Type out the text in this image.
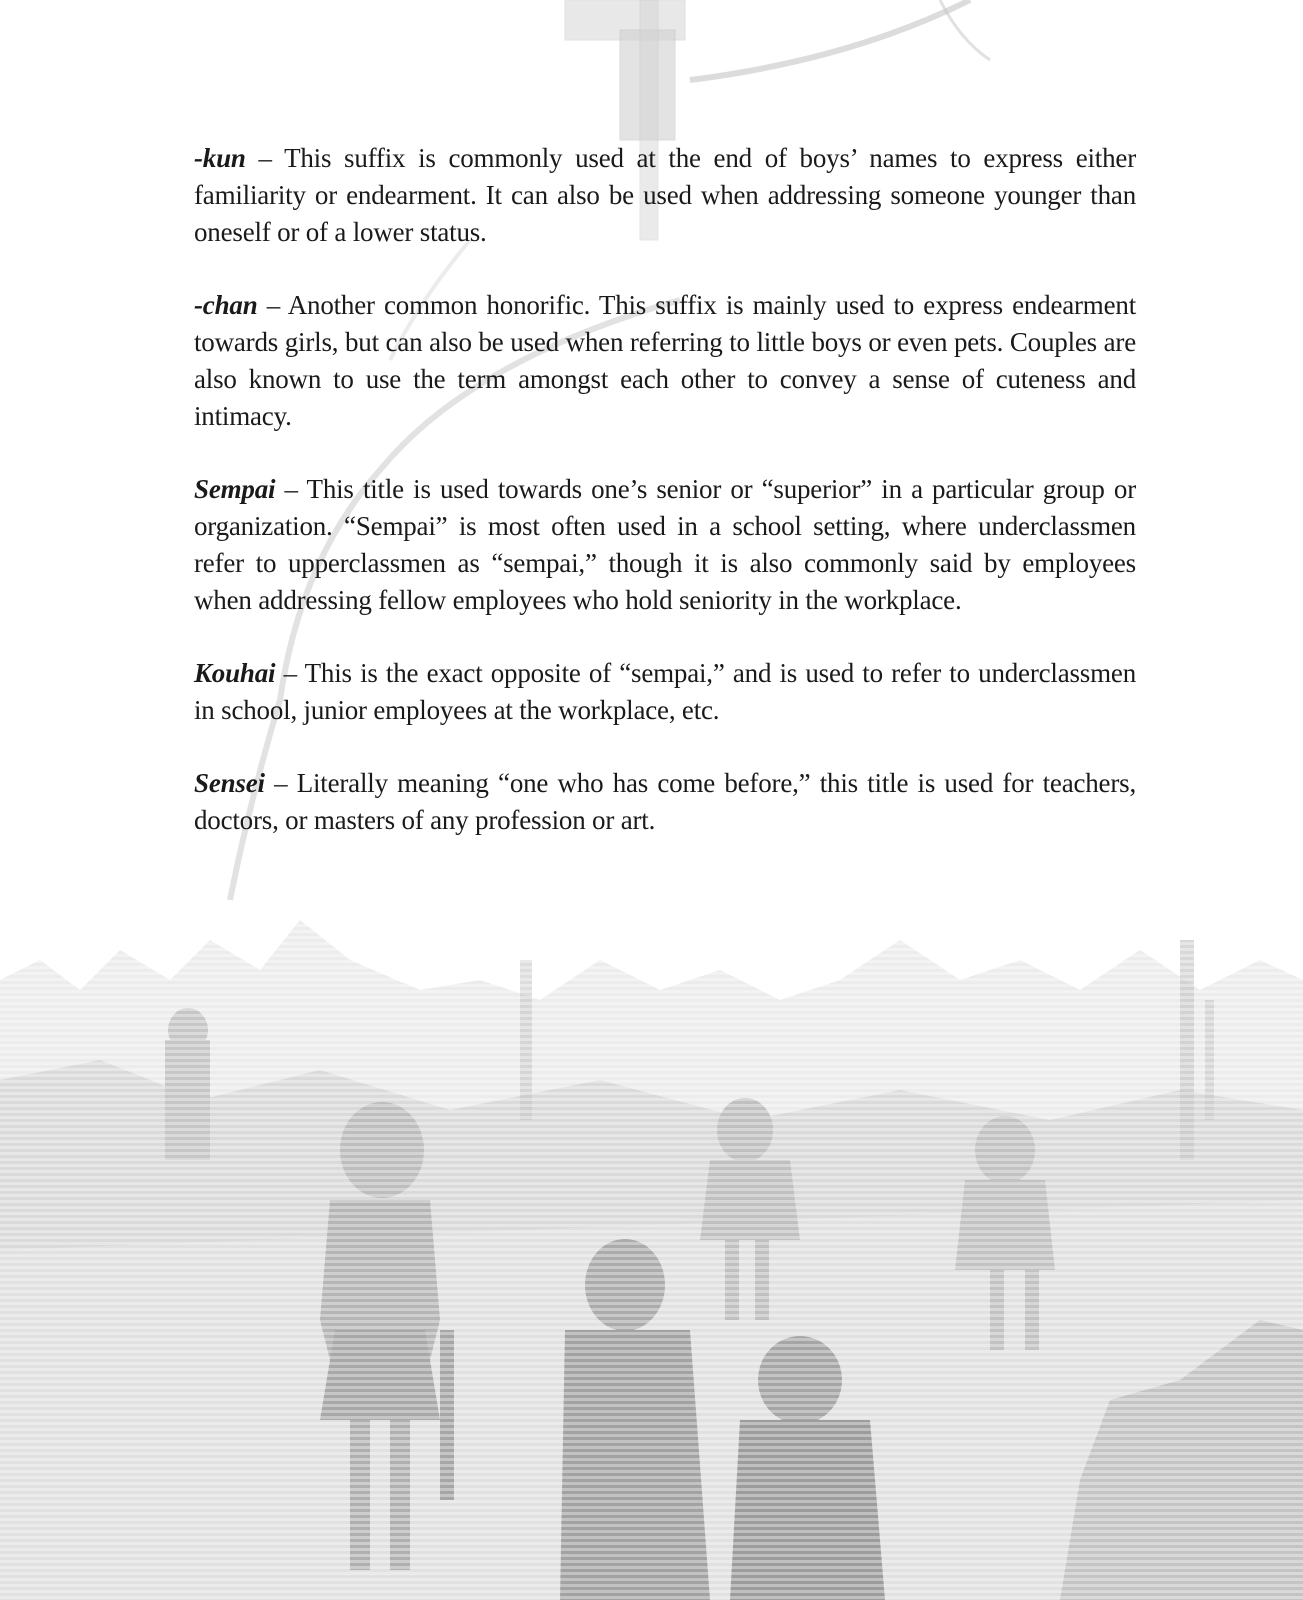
-kun – This suffix is commonly used at the end of boys’ names to express either familiarity or endearment. It can also be used when addressing someone younger than oneself or of a lower status.

-chan – Another common honorific. This suffix is mainly used to express endearment towards girls, but can also be used when referring to little boys or even pets. Couples are also known to use the term amongst each other to convey a sense of cuteness and intimacy.

Sempai – This title is used towards one’s senior or “superior” in a particular group or organization. “Sempai” is most often used in a school setting, where underclassmen refer to upperclassmen as “sempai,” though it is also commonly said by employees when addressing fellow employees who hold seniority in the workplace.

Kouhai – This is the exact opposite of “sempai,” and is used to refer to underclassmen in school, junior employees at the workplace, etc.

Sensei – Literally meaning “one who has come before,” this title is used for teachers, doctors, or masters of any profession or art.
